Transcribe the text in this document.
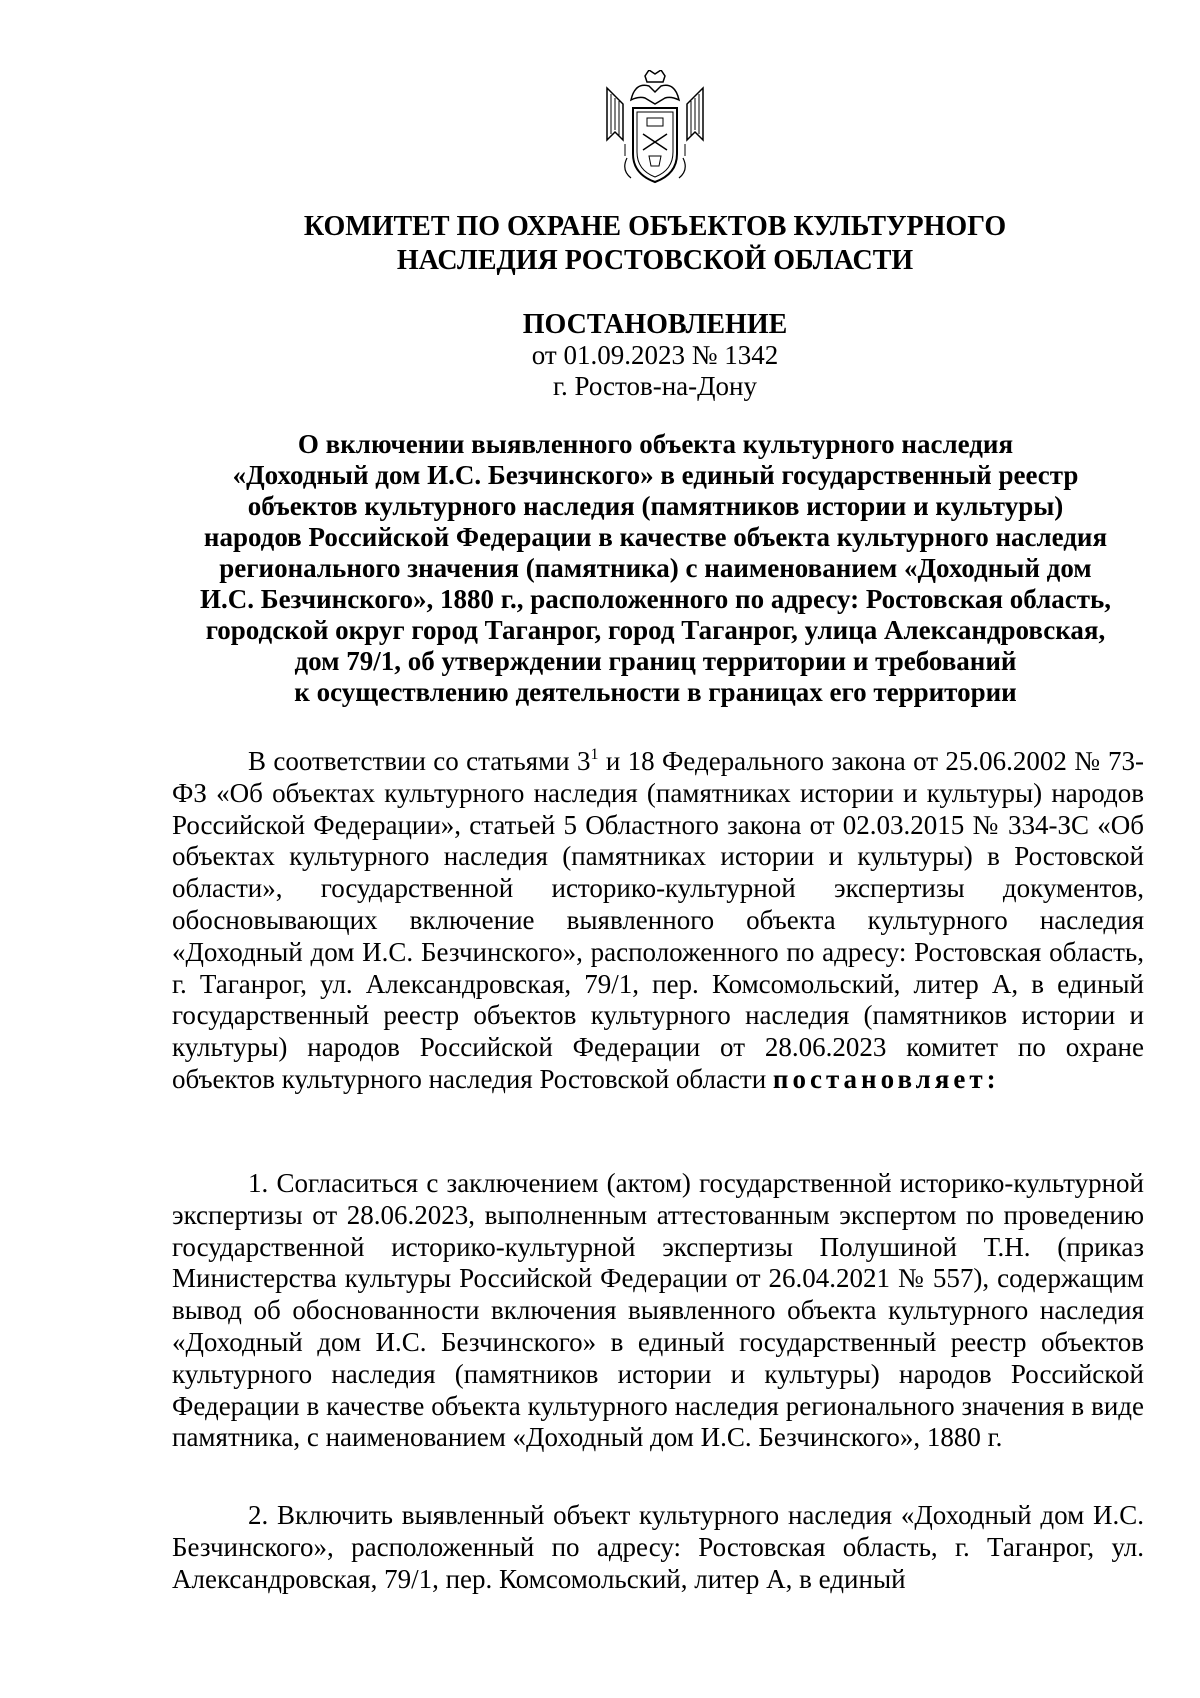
КОМИТЕТ ПО ОХРАНЕ ОБЪЕКТОВ КУЛЬТУРНОГО
НАСЛЕДИЯ РОСТОВСКОЙ ОБЛАСТИ
ПОСТАНОВЛЕНИЕ
от 01.09.2023 № 1342
г. Ростов-на-Дону
О включении выявленного объекта культурного наследия
«Доходный дом И.С. Безчинского» в единый государственный реестр
объектов культурного наследия (памятников истории и культуры)
народов Российской Федерации в качестве объекта культурного наследия
регионального значения (памятника) с наименованием «Доходный дом
И.С. Безчинского», 1880 г., расположенного по адресу: Ростовская область,
городской округ город Таганрог, город Таганрог, улица Александровская,
дом 79/1, об утверждении границ территории и требований
к осуществлению деятельности в границах его территории
В соответствии со статьями $3^1$ и 18 Федерального закона от 25.06.2002 № 73-ФЗ «Об объектах культурного наследия (памятниках истории и культуры) народов Российской Федерации», статьей 5 Областного закона от 02.03.2015 № 334-ЗС «Об объектах культурного наследия (памятниках истории и культуры) в Ростовской области», государственной историко-культурной экспертизы документов, обосновывающих включение выявленного объекта культурного наследия «Доходный дом И.С. Безчинского», расположенного по адресу: Ростовская область, г. Таганрог, ул. Александровская, 79/1, пер. Комсомольский, литер А, в единый государственный реестр объектов культурного наследия (памятников истории и культуры) народов Российской Федерации от 28.06.2023 комитет по охране объектов культурного наследия Ростовской области постановляет:
1. Согласиться с заключением (актом) государственной историко-культурной экспертизы от 28.06.2023, выполненным аттестованным экспертом по проведению государственной историко-культурной экспертизы Полушиной Т.Н. (приказ Министерства культуры Российской Федерации от 26.04.2021 № 557), содержащим вывод об обоснованности включения выявленного объекта культурного наследия «Доходный дом И.С. Безчинского» в единый государственный реестр объектов культурного наследия (памятников истории и культуры) народов Российской Федерации в качестве объекта культурного наследия регионального значения в виде памятника, с наименованием «Доходный дом И.С. Безчинского», 1880 г.
2. Включить выявленный объект культурного наследия «Доходный дом И.С. Безчинского», расположенный по адресу: Ростовская область, г. Таганрог, ул. Александровская, 79/1, пер. Комсомольский, литер А, в единый
